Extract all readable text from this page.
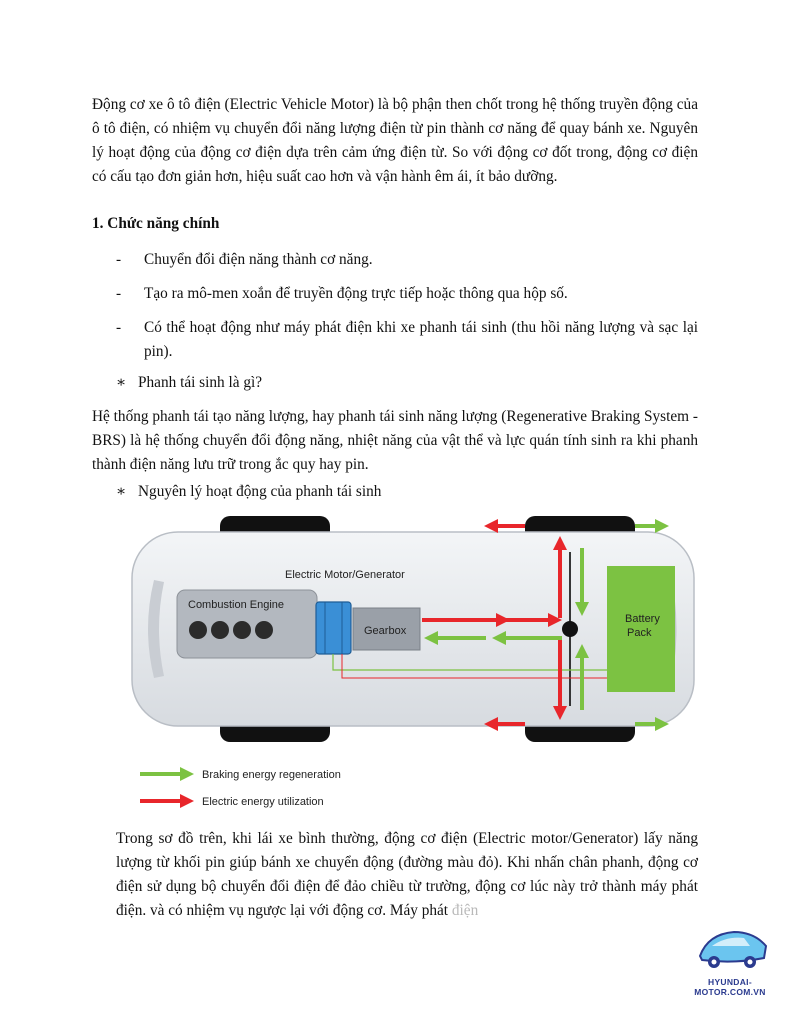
Động cơ xe ô tô điện (Electric Vehicle Motor) là bộ phận then chốt trong hệ thống truyền động của ô tô điện, có nhiệm vụ chuyển đổi năng lượng điện từ pin thành cơ năng để quay bánh xe. Nguyên lý hoạt động của động cơ điện dựa trên cảm ứng điện từ. So với động cơ đốt trong, động cơ điện có cấu tạo đơn giản hơn, hiệu suất cao hơn và vận hành êm ái, ít bảo dưỡng.

1. Chức năng chính
-	Chuyển đổi điện năng thành cơ năng.
-	Tạo ra mô-men xoắn để truyền động trực tiếp hoặc thông qua hộp số.
-	Có thể hoạt động như máy phát điện khi xe phanh tái sinh (thu hồi năng lượng và sạc lại pin).
∗ Phanh tái sinh là gì?

Hệ thống phanh tái tạo năng lượng, hay phanh tái sinh năng lượng (Regenerative Braking System - BRS) là hệ thống chuyển đổi động năng, nhiệt năng của vật thể và lực quán tính sinh ra khi phanh thành điện năng lưu trữ trong ắc quy hay pin.

∗ Nguyên lý hoạt động của phanh tái sinh
Combustion Engine
Electric Motor/Generator
Gearbox
Battery
Pack
Braking energy regeneration
Electric energy utilization

Trong sơ đồ trên, khi lái xe bình thường, động cơ điện (Electric motor/Generator) lấy năng lượng từ khối pin giúp bánh xe chuyển động (đường màu đỏ). Khi nhấn chân phanh, động cơ điện sử dụng bộ chuyển đổi điện để đảo chiều từ trường, động cơ lúc này trở thành máy phát điện. và có nhiệm vụ ngược lại với động cơ. Máy phát điện

HYUNDAI-MOTOR.COM.VN
